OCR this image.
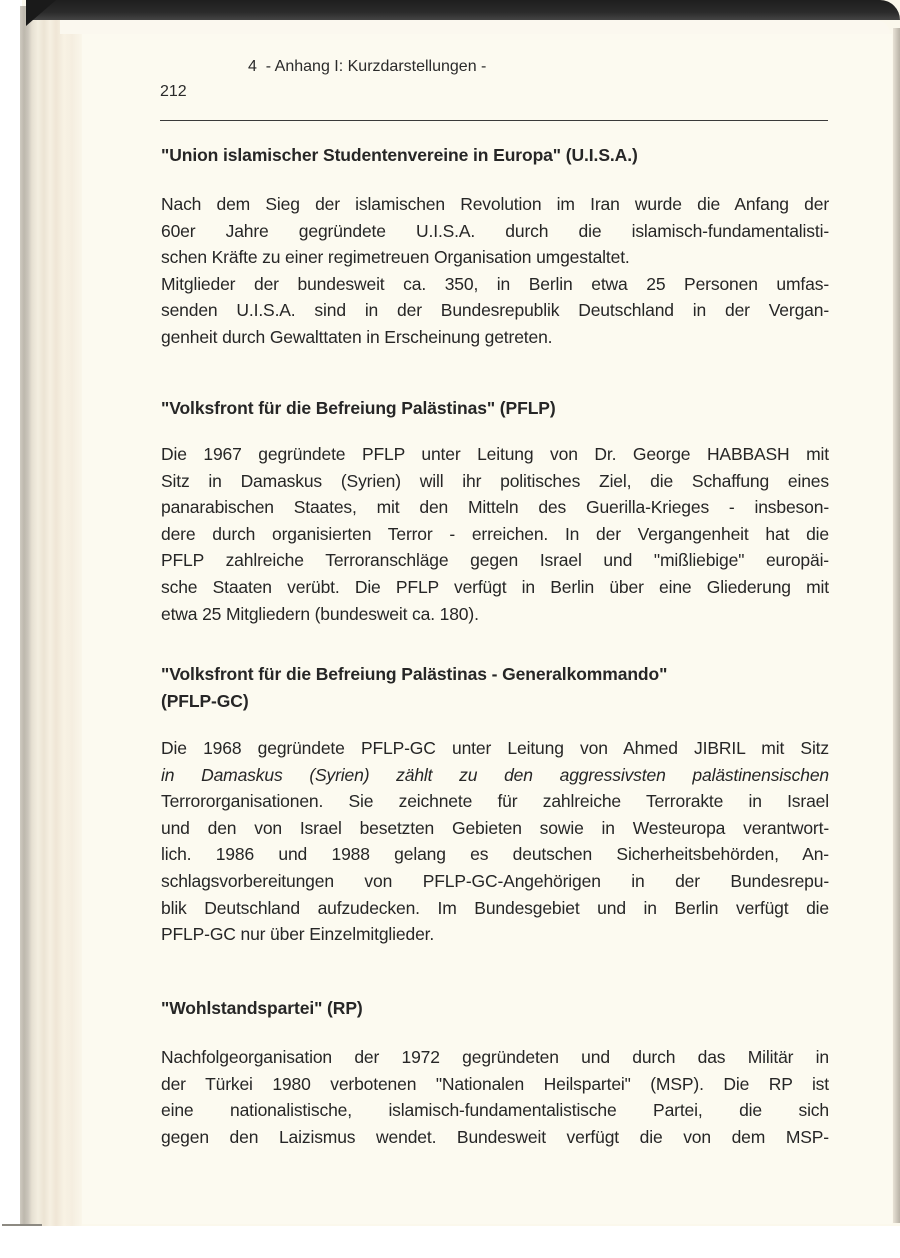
4  - Anhang I: Kurzdarstellungen -
212
"Union islamischer Studentenvereine in Europa" (U.I.S.A.)
Nach dem Sieg der islamischen Revolution im Iran wurde die Anfang der
60er Jahre gegründete U.I.S.A. durch die islamisch-fundamentalisti-
schen Kräfte zu einer regimetreuen Organisation umgestaltet.
Mitglieder der bundesweit ca. 350, in Berlin etwa 25 Personen umfas-
senden U.I.S.A. sind in der Bundesrepublik Deutschland in der Vergan-
genheit durch Gewalttaten in Erscheinung getreten.
"Volksfront für die Befreiung Palästinas" (PFLP)
Die 1967 gegründete PFLP unter Leitung von Dr. George HABBASH mit
Sitz in Damaskus (Syrien) will ihr politisches Ziel, die Schaffung eines
panarabischen Staates, mit den Mitteln des Guerilla-Krieges - insbeson-
dere durch organisierten Terror - erreichen. In der Vergangenheit hat die
PFLP zahlreiche Terroranschläge gegen Israel und "mißliebige" europäi-
sche Staaten verübt. Die PFLP verfügt in Berlin über eine Gliederung mit
etwa 25 Mitgliedern (bundesweit ca. 180).
"Volksfront für die Befreiung Palästinas - Generalkommando"
(PFLP-GC)
Die 1968 gegründete PFLP-GC unter Leitung von Ahmed JIBRIL mit Sitz
in Damaskus (Syrien) zählt zu den aggressivsten palästinensischen
Terrororganisationen. Sie zeichnete für zahlreiche Terrorakte in Israel
und den von Israel besetzten Gebieten sowie in Westeuropa verantwort-
lich. 1986 und 1988 gelang es deutschen Sicherheitsbehörden, An-
schlagsvorbereitungen von PFLP-GC-Angehörigen in der Bundesrepu-
blik Deutschland aufzudecken. Im Bundesgebiet und in Berlin verfügt die
PFLP-GC nur über Einzelmitglieder.
"Wohlstandspartei" (RP)
Nachfolgeorganisation der 1972 gegründeten und durch das Militär in
der Türkei 1980 verbotenen "Nationalen Heilspartei" (MSP). Die RP ist
eine nationalistische, islamisch-fundamentalistische Partei, die sich
gegen den Laizismus wendet. Bundesweit verfügt die von dem MSP-
